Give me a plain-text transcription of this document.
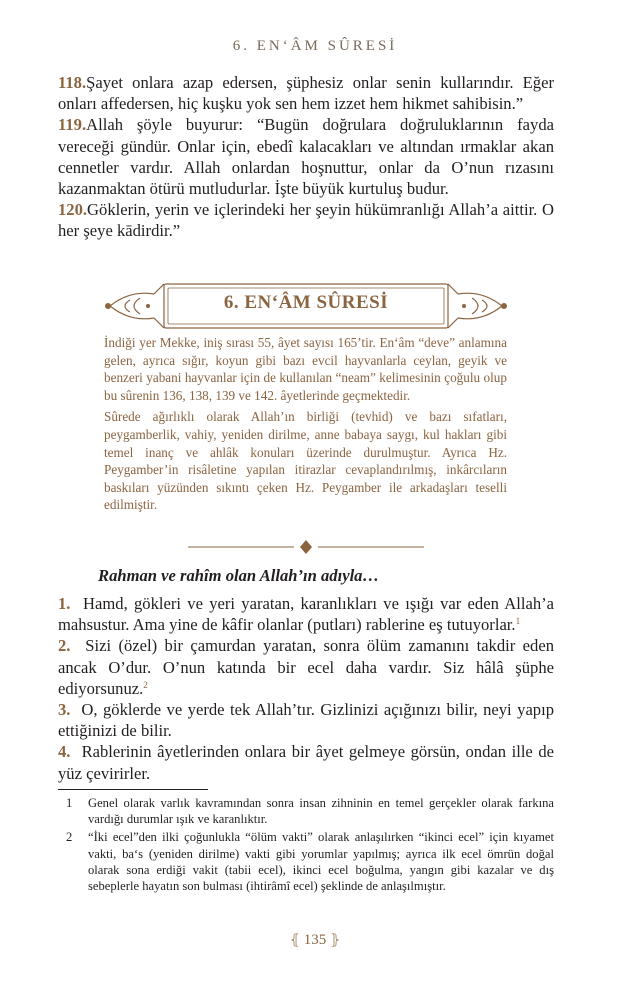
6. EN‘ÂM SÛRESİ

118.Şayet onlara azap edersen, şüphesiz onlar senin kullarındır. Eğer onları affedersen, hiç kuşku yok sen hem izzet hem hikmet sahibisin.”

119.Allah şöyle buyurur: “Bugün doğrulara doğruluklarının fayda vereceği gündür. Onlar için, ebedî kalacakları ve altından ırmaklar akan cennetler vardır. Allah onlardan hoşnuttur, onlar da O’nun rızasını kazanmaktan ötürü mutludurlar. İşte büyük kurtuluş budur.

120.Göklerin, yerin ve içlerindeki her şeyin hükümranlığı Allah’a aittir. O her şeye kādirdir.”

6. EN‘ÂM SÛRESİ

İndiği yer Mekke, iniş sırası 55, âyet sayısı 165’tir. En‘âm “deve” anlamına gelen, ayrıca sığır, koyun gibi bazı evcil hayvanlarla ceylan, geyik ve benzeri yabani hayvanlar için de kullanılan “neam” kelimesinin çoğulu olup bu sûrenin 136, 138, 139 ve 142. âyetlerinde geçmektedir.

Sûrede ağırlıklı olarak Allah’ın birliği (tevhid) ve bazı sıfatları, peygamberlik, vahiy, yeniden dirilme, anne babaya saygı, kul hakları gibi temel inanç ve ahlâk konuları üzerinde durulmuştur. Ayrıca Hz. Peygamber’in risâletine yapılan itirazlar cevaplandırılmış, inkârcıların baskıları yüzünden sıkıntı çeken Hz. Peygamber ile arkadaşları teselli edilmiştir.

Rahman ve rahîm olan Allah’ın adıyla…

1. Hamd, gökleri ve yeri yaratan, karanlıkları ve ışığı var eden Allah’a mahsustur. Ama yine de kâfir olanlar (putları) rablerine eş tutuyorlar.$^1$

2. Sizi (özel) bir çamurdan yaratan, sonra ölüm zamanını takdir eden ancak O’dur. O’nun katında bir ecel daha vardır. Siz hâlâ şüphe ediyorsunuz.$^2$

3. O, göklerde ve yerde tek Allah’tır. Gizlinizi açığınızı bilir, neyi yapıp ettiğinizi de bilir.

4. Rablerinin âyetlerinden onlara bir âyet gelmeye görsün, ondan ille de yüz çevirirler.

1	Genel olarak varlık kavramından sonra insan zihninin en temel gerçekler olarak farkına vardığı durumlar ışık ve karanlıktır.
2	“İki ecel”den ilki çoğunlukla “ölüm vakti” olarak anlaşılırken “ikinci ecel” için kıyamet vakti, ba‘s (yeniden dirilme) vakti gibi yorumlar yapılmış; ayrıca ilk ecel ömrün doğal olarak sona erdiği vakit (tabii ecel), ikinci ecel boğulma, yangın gibi kazalar ve dış sebeplerle hayatın son bulması (ihtirâmî ecel) şeklinde de anlaşılmıştır.
⦃ 135 ⦄
